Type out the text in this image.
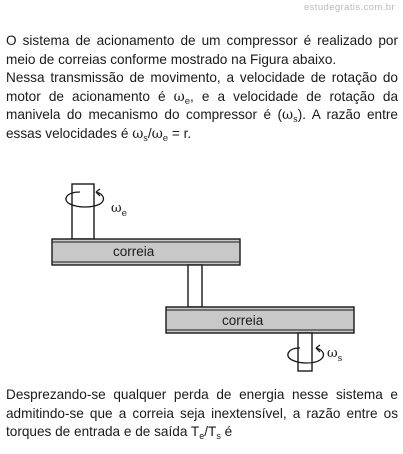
estudegratis.com.br

O sistema de acionamento de um compressor é realizado por meio de correias conforme mostrado na Figura abaixo.

Nessa transmissão de movimento, a velocidade de rotação do motor de acionamento é $\omega_e$, e a velocidade de rotação da manivela do mecanismo do compressor é $(\omega_s)$. A razão entre essas velocidades é $\omega_s/\omega_e = r$.

$\omega_e$
correia
correia
$\omega_s$

Desprezando-se qualquer perda de energia nesse sistema e admitindo-se que a correia seja inextensível, a razão entre os torques de entrada e de saída $T_e/T_s$ é
